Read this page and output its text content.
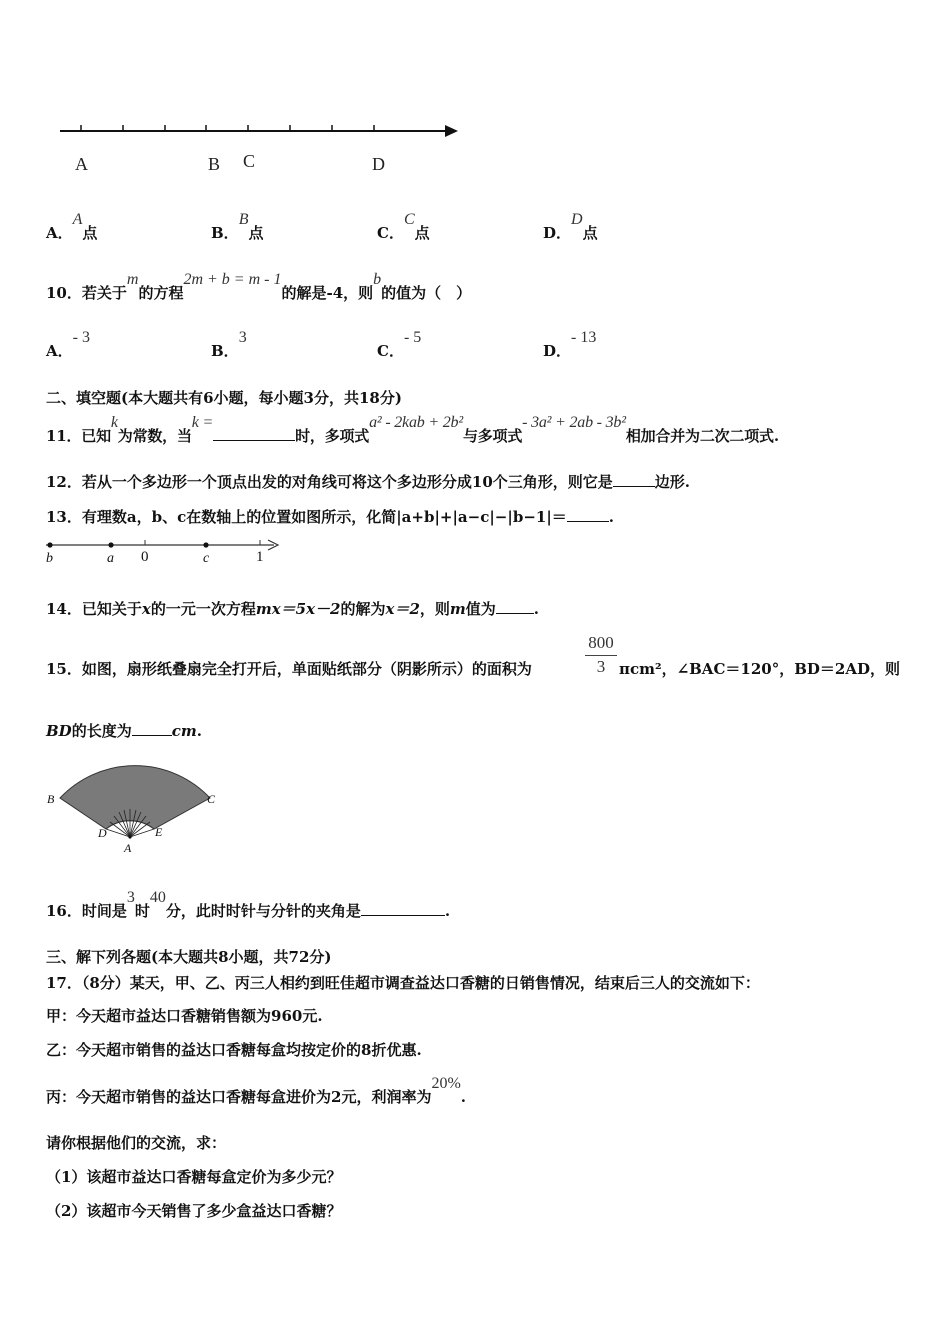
A	B C	D
A．A点	B．B点	C．C点	D．D点
10．若关于m的方程2m + b = m - 1的解是-4，则b的值为（　）
A．- 3
B．3
C．- 5
D．- 13
二、填空题(本大题共有6小题，每小题3分，共18分)
11．已知k为常数，当k =时，多项式a² - 2kab + 2b²与多项式- 3a² + 2ab - 3b²相加合并为二次二项式.
12．若从一个多边形一个顶点出发的对角线可将这个多边形分成10个三角形，则它是	边形.
13．有理数a，b、c在数轴上的位置如图所示，化简|a+b|+|a−c|−|b−1|＝	.
b	a 0	c	1
14．已知关于x的一元一次方程mx＝5x－2的解为x＝2，则m值为	.
15．如图，扇形纸叠扇完全打开后，单面贴纸部分（阴影所示）的面积为	$\frac{800}{3} \pi cm^2$，∠BAC＝120°，BD＝2AD，则
BD的长度为	cm.
B	C
D	E
A
16．时间是3时40分，此时时针与分针的夹角是	.
三、解下列各题(本大题共8小题，共72分)
17．（8分）某天，甲、乙、丙三人相约到旺佳超市调查益达口香糖的日销售情况，结束后三人的交流如下：
甲：今天超市益达口香糖销售额为960元.
乙：今天超市销售的益达口香糖每盒均按定价的8折优惠.
丙：今天超市销售的益达口香糖每盒进价为2元，利润率为20%.
请你根据他们的交流，求：
（1）该超市益达口香糖每盒定价为多少元？
（2）该超市今天销售了多少盒益达口香糖？
